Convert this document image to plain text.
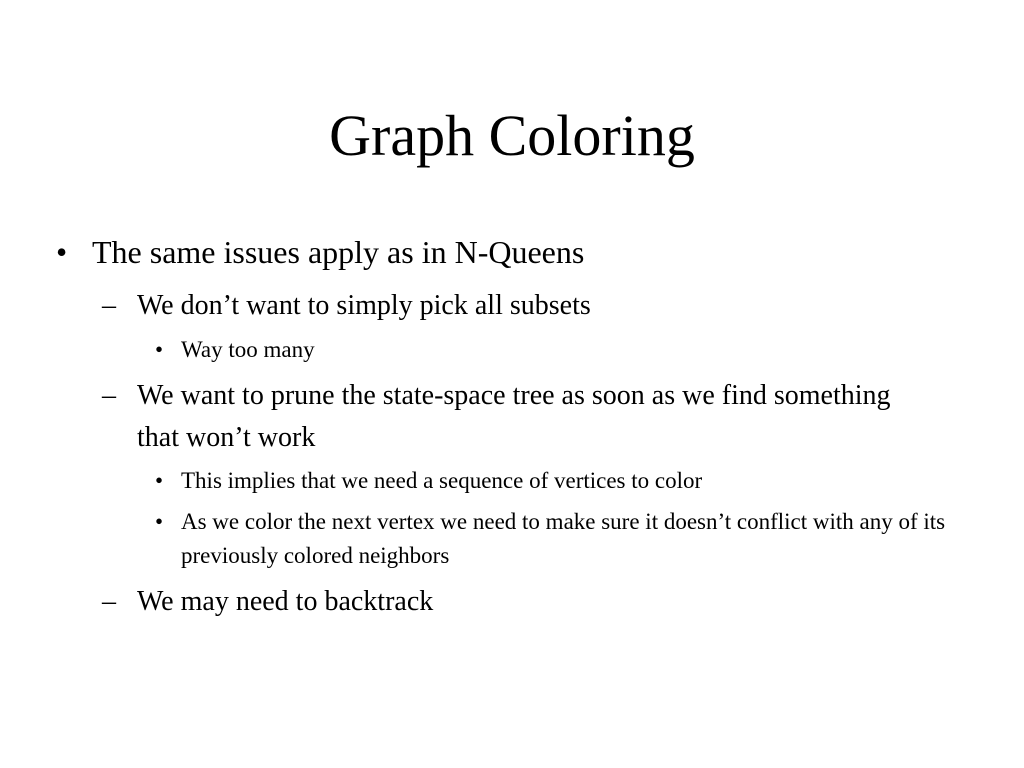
Graph Coloring
• The same issues apply as in N-Queens
– We don’t want to simply pick all subsets
• Way too many
– We want to prune the state-space tree as soon as we find something that won’t work
• This implies that we need a sequence of vertices to color
• As we color the next vertex we need to make sure it doesn’t conflict with any of its previously colored neighbors
– We may need to backtrack
